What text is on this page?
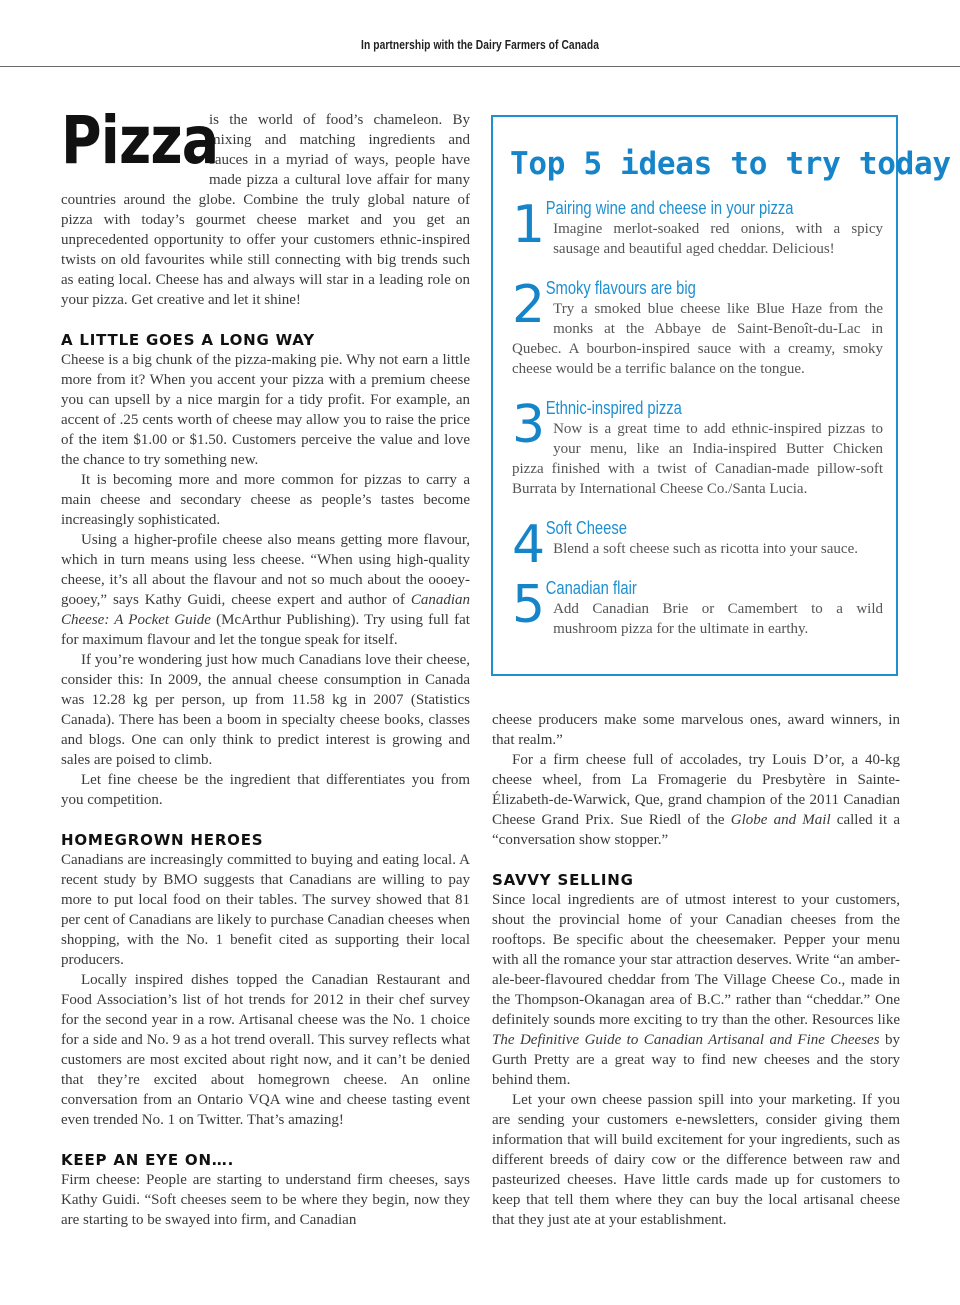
In partnership with the Dairy Farmers of Canada

Pizza
is the world of food’s chameleon. By mixing and matching ingredients and sauces in a myriad of ways, people have made pizza a cultural love affair for many countries around the globe. Combine the truly global nature of pizza with today’s gourmet cheese market and you get an unprecedented opportunity to offer your customers ethnic-inspired twists on old favourites while still connecting with big trends such as eating local. Cheese has and always will star in a leading role on your pizza. Get creative and let it shine!

A LITTLE GOES A LONG WAY

Cheese is a big chunk of the pizza-making pie. Why not earn a little more from it? When you accent your pizza with a premium cheese you can upsell by a nice margin for a tidy profit. For example, an accent of .25 cents worth of cheese may allow you to raise the price of the item $1.00 or $1.50. Customers perceive the value and love the chance to try something new.

It is becoming more and more common for pizzas to carry a main cheese and secondary cheese as people’s tastes become increasingly sophisticated.

Using a higher-profile cheese also means getting more flavour, which in turn means using less cheese. “When using high-quality cheese, it’s all about the flavour and not so much about the oooey-gooey,” says Kathy Guidi, cheese expert and author of Canadian Cheese: A Pocket Guide (McArthur Publishing). Try using full fat for maximum flavour and let the tongue speak for itself.

If you’re wondering just how much Canadians love their cheese, consider this: In 2009, the annual cheese consumption in Canada was 12.28 kg per person, up from 11.58 kg in 2007 (Statistics Canada). There has been a boom in specialty cheese books, classes and blogs. One can only think to predict interest is growing and sales are poised to climb.

Let fine cheese be the ingredient that differentiates you from you competition.

HOMEGROWN HEROES

Canadians are increasingly committed to buying and eating local. A recent study by BMO suggests that Canadians are willing to pay more to put local food on their tables. The survey showed that 81 per cent of Canadians are likely to purchase Canadian cheeses when shopping, with the No. 1 benefit cited as supporting their local producers.

Locally inspired dishes topped the Canadian Restaurant and Food Association’s list of hot trends for 2012 in their chef survey for the second year in a row. Artisanal cheese was the No. 1 choice for a side and No. 9 as a hot trend overall. This survey reflects what customers are most excited about right now, and it can’t be denied that they’re excited about homegrown cheese. An online conversation from an Ontario VQA wine and cheese tasting event even trended No. 1 on Twitter. That’s amazing!

KEEP AN EYE ON….

Firm cheese: People are starting to understand firm cheeses, says Kathy Guidi. “Soft cheeses seem to be where they begin, now they are starting to be swayed into firm, and Canadian

Top 5 ideas to try today
1 Pairing wine and cheese in your pizza
Imagine merlot-soaked red onions, with a spicy sausage and beautiful aged cheddar. Delicious!
2 Smoky flavours are big
Try a smoked blue cheese like Blue Haze from the monks at the Abbaye de Saint-Benoît-du-Lac in Quebec. A bourbon-inspired sauce with a creamy, smoky cheese would be a terrific balance on the tongue.
3 Ethnic-inspired pizza
Now is a great time to add ethnic-inspired pizzas to your menu, like an India-inspired Butter Chicken pizza finished with a twist of Canadian-made pillow-soft Burrata by International Cheese Co./Santa Lucia.
4 Soft Cheese
Blend a soft cheese such as ricotta into your sauce.
5 Canadian flair
Add Canadian Brie or Camembert to a wild mushroom pizza for the ultimate in earthy.

cheese producers make some marvelous ones, award winners, in that realm.”

For a firm cheese full of accolades, try Louis D’or, a 40-kg cheese wheel, from La Fromagerie du Presbytère in Sainte-Élizabeth-de-Warwick, Que, grand champion of the 2011 Canadian Cheese Grand Prix. Sue Riedl of the Globe and Mail called it a “conversation show stopper.”

SAVVY SELLING

Since local ingredients are of utmost interest to your customers, shout the provincial home of your Canadian cheeses from the rooftops. Be specific about the cheesemaker. Pepper your menu with all the romance your star attraction deserves. Write “an amber-ale-beer-flavoured cheddar from The Village Cheese Co., made in the Thompson-Okanagan area of B.C.” rather than “cheddar.” One definitely sounds more exciting to try than the other. Resources like The Definitive Guide to Canadian Artisanal and Fine Cheeses by Gurth Pretty are a great way to find new cheeses and the story behind them.

Let your own cheese passion spill into your marketing. If you are sending your customers e-newsletters, consider giving them information that will build excitement for your ingredients, such as different breeds of dairy cow or the difference between raw and pasteurized cheeses. Have little cards made up for customers to keep that tell them where they can buy the local artisanal cheese that they just ate at your establishment.
